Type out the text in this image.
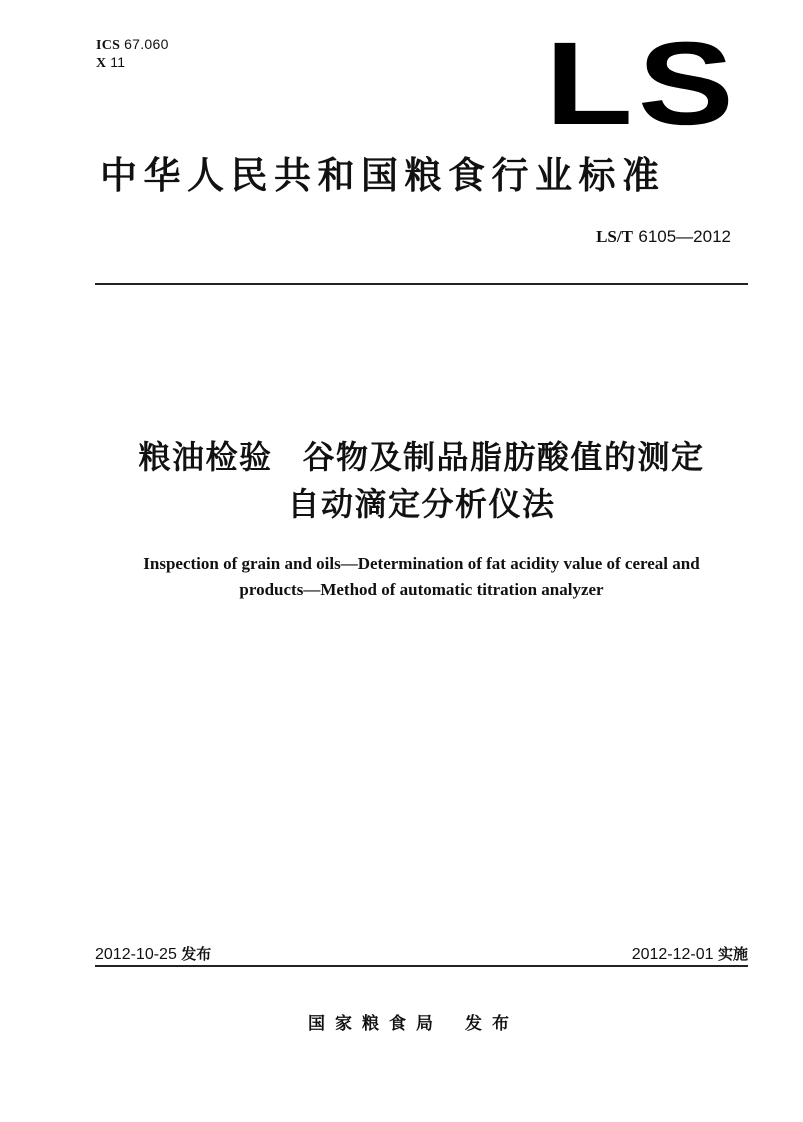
ICS 67.060
X 11	LS
中华人民共和国粮食行业标准
LS/T 6105—2012
粮油检验 谷物及制品脂肪酸值的测定
自动滴定分析仪法
Inspection of grain and oils—Determination of fat acidity value of cereal and
products—Method of automatic titration analyzer
2012-10-25 发布	2012-12-01 实施
国家粮食局 发布
